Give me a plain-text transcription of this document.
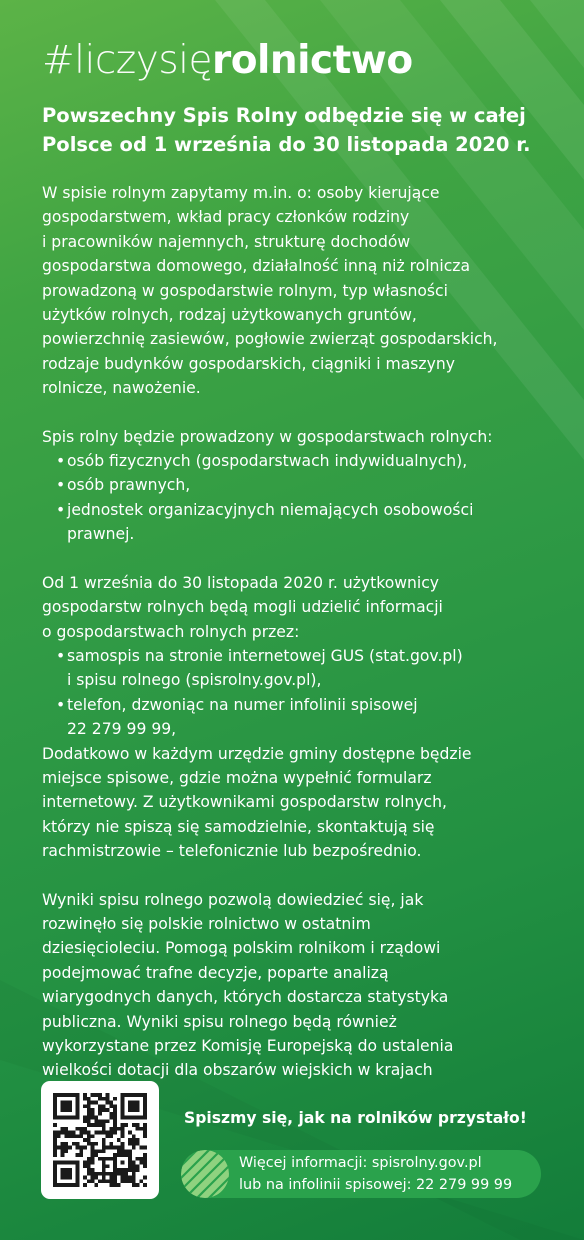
#liczysięrolnictwo
Powszechny Spis Rolny odbędzie się w całej Polsce od 1 września do 30 listopada 2020 r.
W spisie rolnym zapytamy m.in. o: osoby kierujące
gospodarstwem, wkład pracy członków rodziny
i pracowników najemnych, strukturę dochodów
gospodarstwa domowego, działalność inną niż rolnicza
prowadzoną w gospodarstwie rolnym, typ własności
użytków rolnych, rodzaj użytkowanych gruntów,
powierzchnię zasiewów, pogłowie zwierząt gospodarskich,
rodzaje budynków gospodarskich, ciągniki i maszyny
rolnicze, nawożenie.
Spis rolny będzie prowadzony w gospodarstwach rolnych:
• osób fizycznych (gospodarstwach indywidualnych),
• osób prawnych,
• jednostek organizacyjnych niemających osobowości
prawnej.
Od 1 września do 30 listopada 2020 r. użytkownicy
gospodarstw rolnych będą mogli udzielić informacji
o gospodarstwach rolnych przez:
• samospis na stronie internetowej GUS (stat.gov.pl)
i spisu rolnego (spisrolny.gov.pl),
• telefon, dzwoniąc na numer infolinii spisowej
22 279 99 99,
Dodatkowo w każdym urzędzie gminy dostępne będzie
miejsce spisowe, gdzie można wypełnić formularz
internetowy. Z użytkownikami gospodarstw rolnych,
którzy nie spiszą się samodzielnie, skontaktują się
rachmistrzowie – telefonicznie lub bezpośrednio.
Wyniki spisu rolnego pozwolą dowiedzieć się, jak
rozwinęło się polskie rolnictwo w ostatnim
dziesięcioleciu. Pomogą polskim rolnikom i rządowi
podejmować trafne decyzje, poparte analizą
wiarygodnych danych, których dostarcza statystyka
publiczna. Wyniki spisu rolnego będą również
wykorzystane przez Komisję Europejską do ustalenia
wielkości dotacji dla obszarów wiejskich w krajach
Spiszmy się, jak na rolników przystało!
Więcej informacji: spisrolny.gov.pl
lub na infolinii spisowej: 22 279 99 99
